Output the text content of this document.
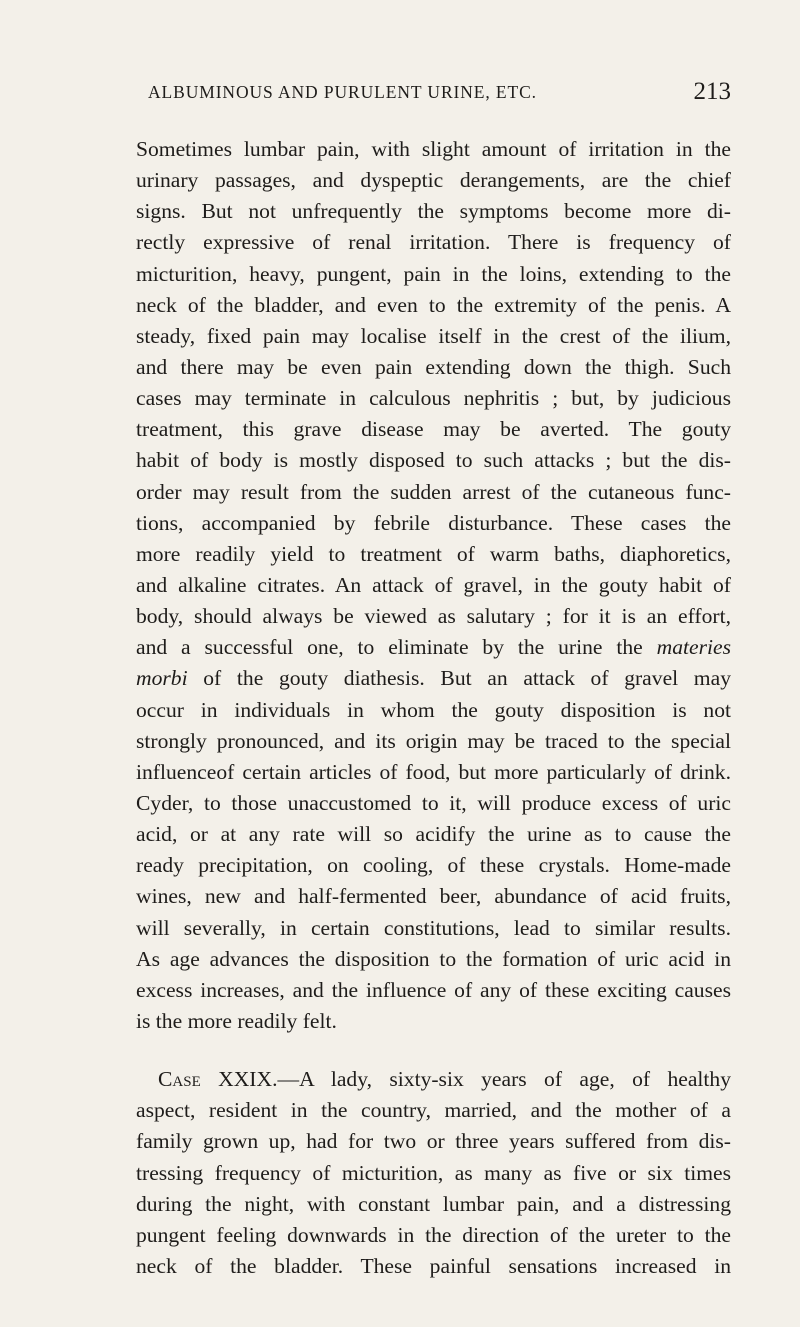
ALBUMINOUS AND PURULENT URINE, ETC.	213
Sometimes lumbar pain, with slight amount of irritation in the
urinary passages, and dyspeptic derangements, are the chief
signs. But not unfrequently the symptoms become more di-
rectly expressive of renal irritation. There is frequency of
micturition, heavy, pungent, pain in the loins, extending to the
neck of the bladder, and even to the extremity of the penis. A
steady, fixed pain may localise itself in the crest of the ilium,
and there may be even pain extending down the thigh. Such
cases may terminate in calculous nephritis ; but, by judicious
treatment, this grave disease may be averted. The gouty
habit of body is mostly disposed to such attacks ; but the dis-
order may result from the sudden arrest of the cutaneous func-
tions, accompanied by febrile disturbance. These cases the
more readily yield to treatment of warm baths, diaphoretics,
and alkaline citrates. An attack of gravel, in the gouty habit of
body, should always be viewed as salutary ; for it is an effort,
and a successful one, to eliminate by the urine the materies
morbi of the gouty diathesis. But an attack of gravel may
occur in individuals in whom the gouty disposition is not
strongly pronounced, and its origin may be traced to the special
influenceof certain articles of food, but more particularly of drink.
Cyder, to those unaccustomed to it, will produce excess of uric
acid, or at any rate will so acidify the urine as to cause the
ready precipitation, on cooling, of these crystals. Home-made
wines, new and half-fermented beer, abundance of acid fruits,
will severally, in certain constitutions, lead to similar results.
As age advances the disposition to the formation of uric acid in
excess increases, and the influence of any of these exciting causes
is the more readily felt.
Case XXIX.—A lady, sixty-six years of age, of healthy
aspect, resident in the country, married, and the mother of a
family grown up, had for two or three years suffered from dis-
tressing frequency of micturition, as many as five or six times
during the night, with constant lumbar pain, and a distressing
pungent feeling downwards in the direction of the ureter to the
neck of the bladder. These painful sensations increased in
